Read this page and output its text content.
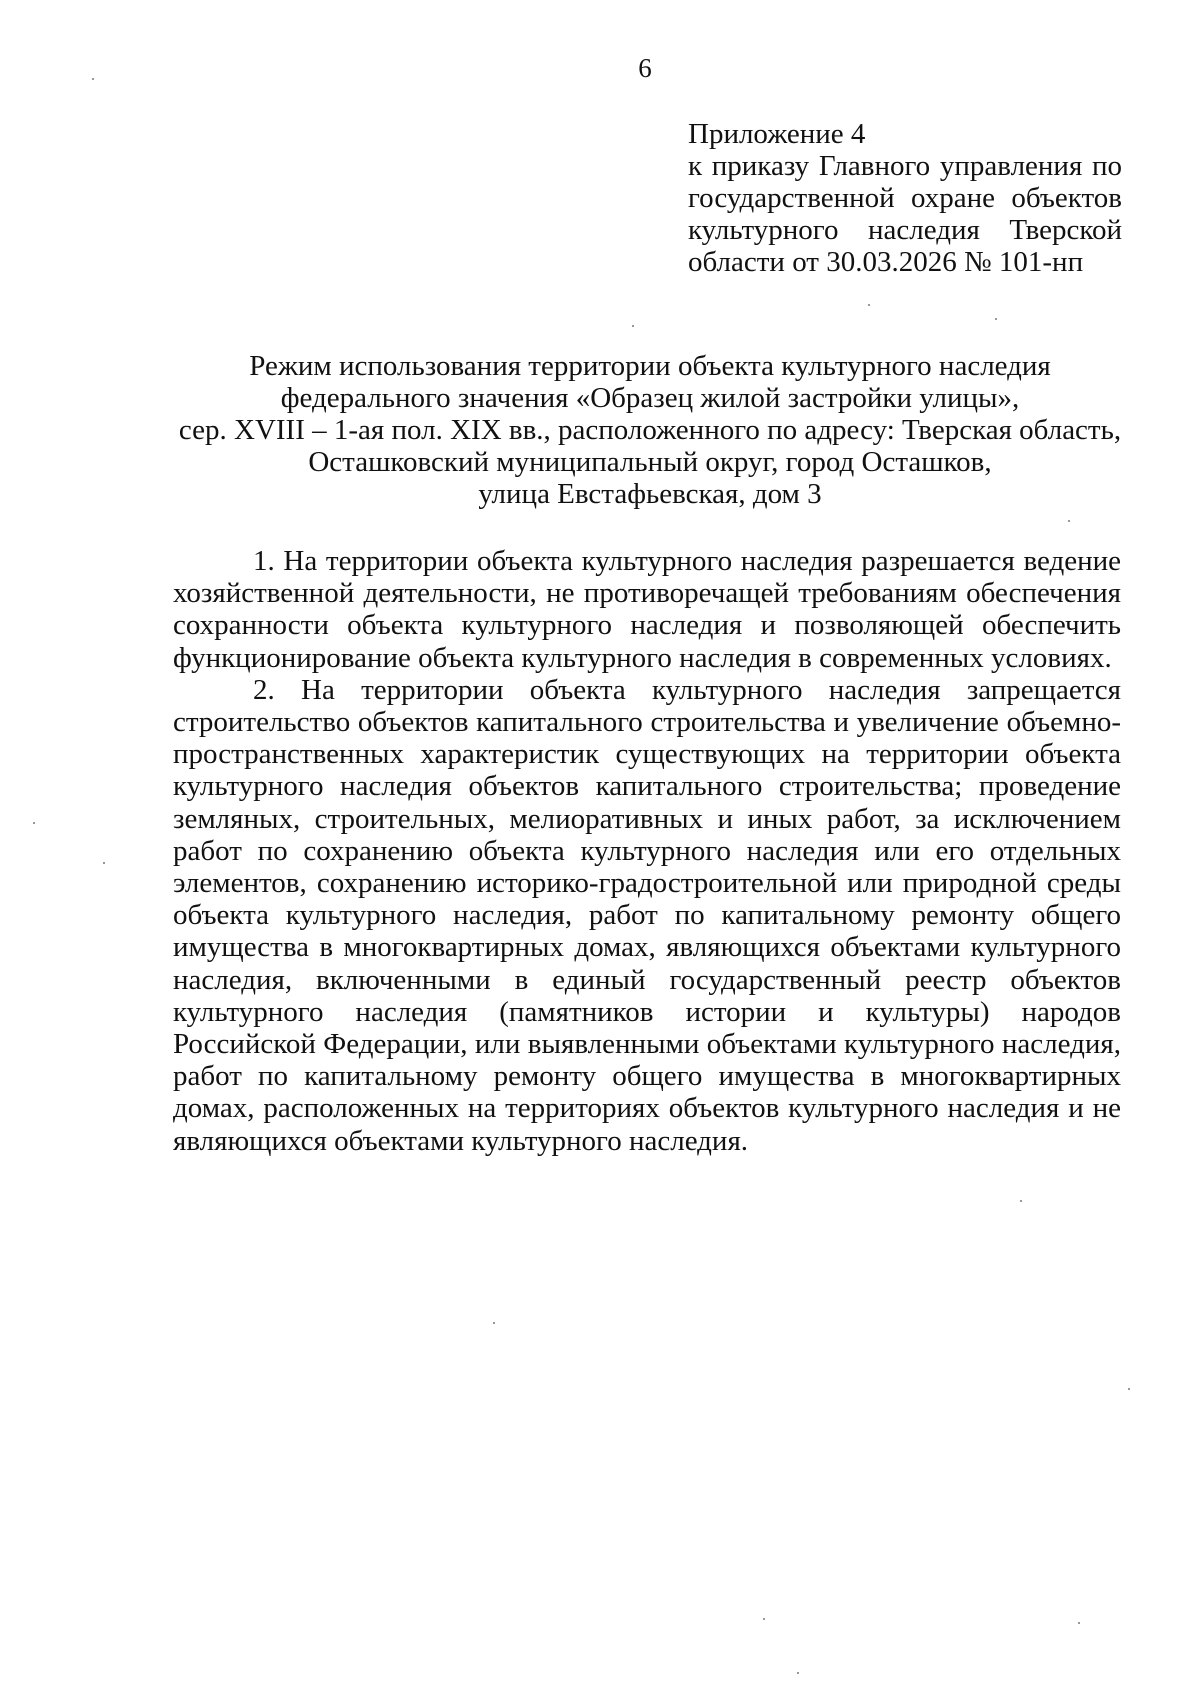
6
Приложение 4
к приказу Главного управления по
государственной охране объектов
культурного наследия Тверской
области от 30.03.2026 № 101-нп
Режим использования территории объекта культурного наследия
федерального значения «Образец жилой застройки улицы»,
сер. XVIII – 1-ая пол. XIX вв., расположенного по адресу: Тверская область,
Осташковский муниципальный округ, город Осташков,
улица Евстафьевская, дом 3

1. На территории объекта культурного наследия разрешается ведение хозяйственной деятельности, не противоречащей требованиям обеспечения сохранности объекта культурного наследия и позволяющей обеспечить функционирование объекта культурного наследия в современных условиях.

2. На территории объекта культурного наследия запрещается строительство объектов капитального строительства и увеличение объемно-пространственных характеристик существующих на территории объекта культурного наследия объектов капитального строительства; проведение земляных, строительных, мелиоративных и иных работ, за исключением работ по сохранению объекта культурного наследия или его отдельных элементов, сохранению историко-градостроительной или природной среды объекта культурного наследия, работ по капитальному ремонту общего имущества в многоквартирных домах, являющихся объектами культурного наследия, включенными в единый государственный реестр объектов культурного наследия (памятников истории и культуры) народов Российской Федерации, или выявленными объектами культурного наследия, работ по капитальному ремонту общего имущества в многоквартирных домах, расположенных на территориях объектов культурного наследия и не являющихся объектами культурного наследия.
